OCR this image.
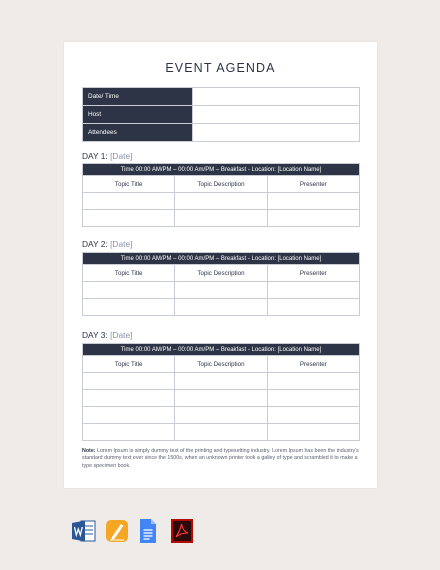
EVENT AGENDA
Date/ Time	
Host	
Attendees	
DAY 1: [Date]
Time 00:00 AM/PM – 00:00 Am/PM – Breakfast - Location: [Location Name]		
Topic Title	Topic Description	Presenter

DAY 2: [Date]
Time 00:00 AM/PM – 00:00 Am/PM – Breakfast - Location: [Location Name]		
Topic Title	Topic Description	Presenter

DAY 3: [Date]
Time 00:00 AM/PM – 00:00 Am/PM – Breakfast - Location: [Location Name]		
Topic Title	Topic Description	Presenter

Note: Lorem Ipsum is simply dummy text of the printing and typesetting industry. Lorem Ipsum has been the industry's standard dummy text ever since the 1500s, when an unknown printer took a galley of type and scrambled it to make a type specimen book.
